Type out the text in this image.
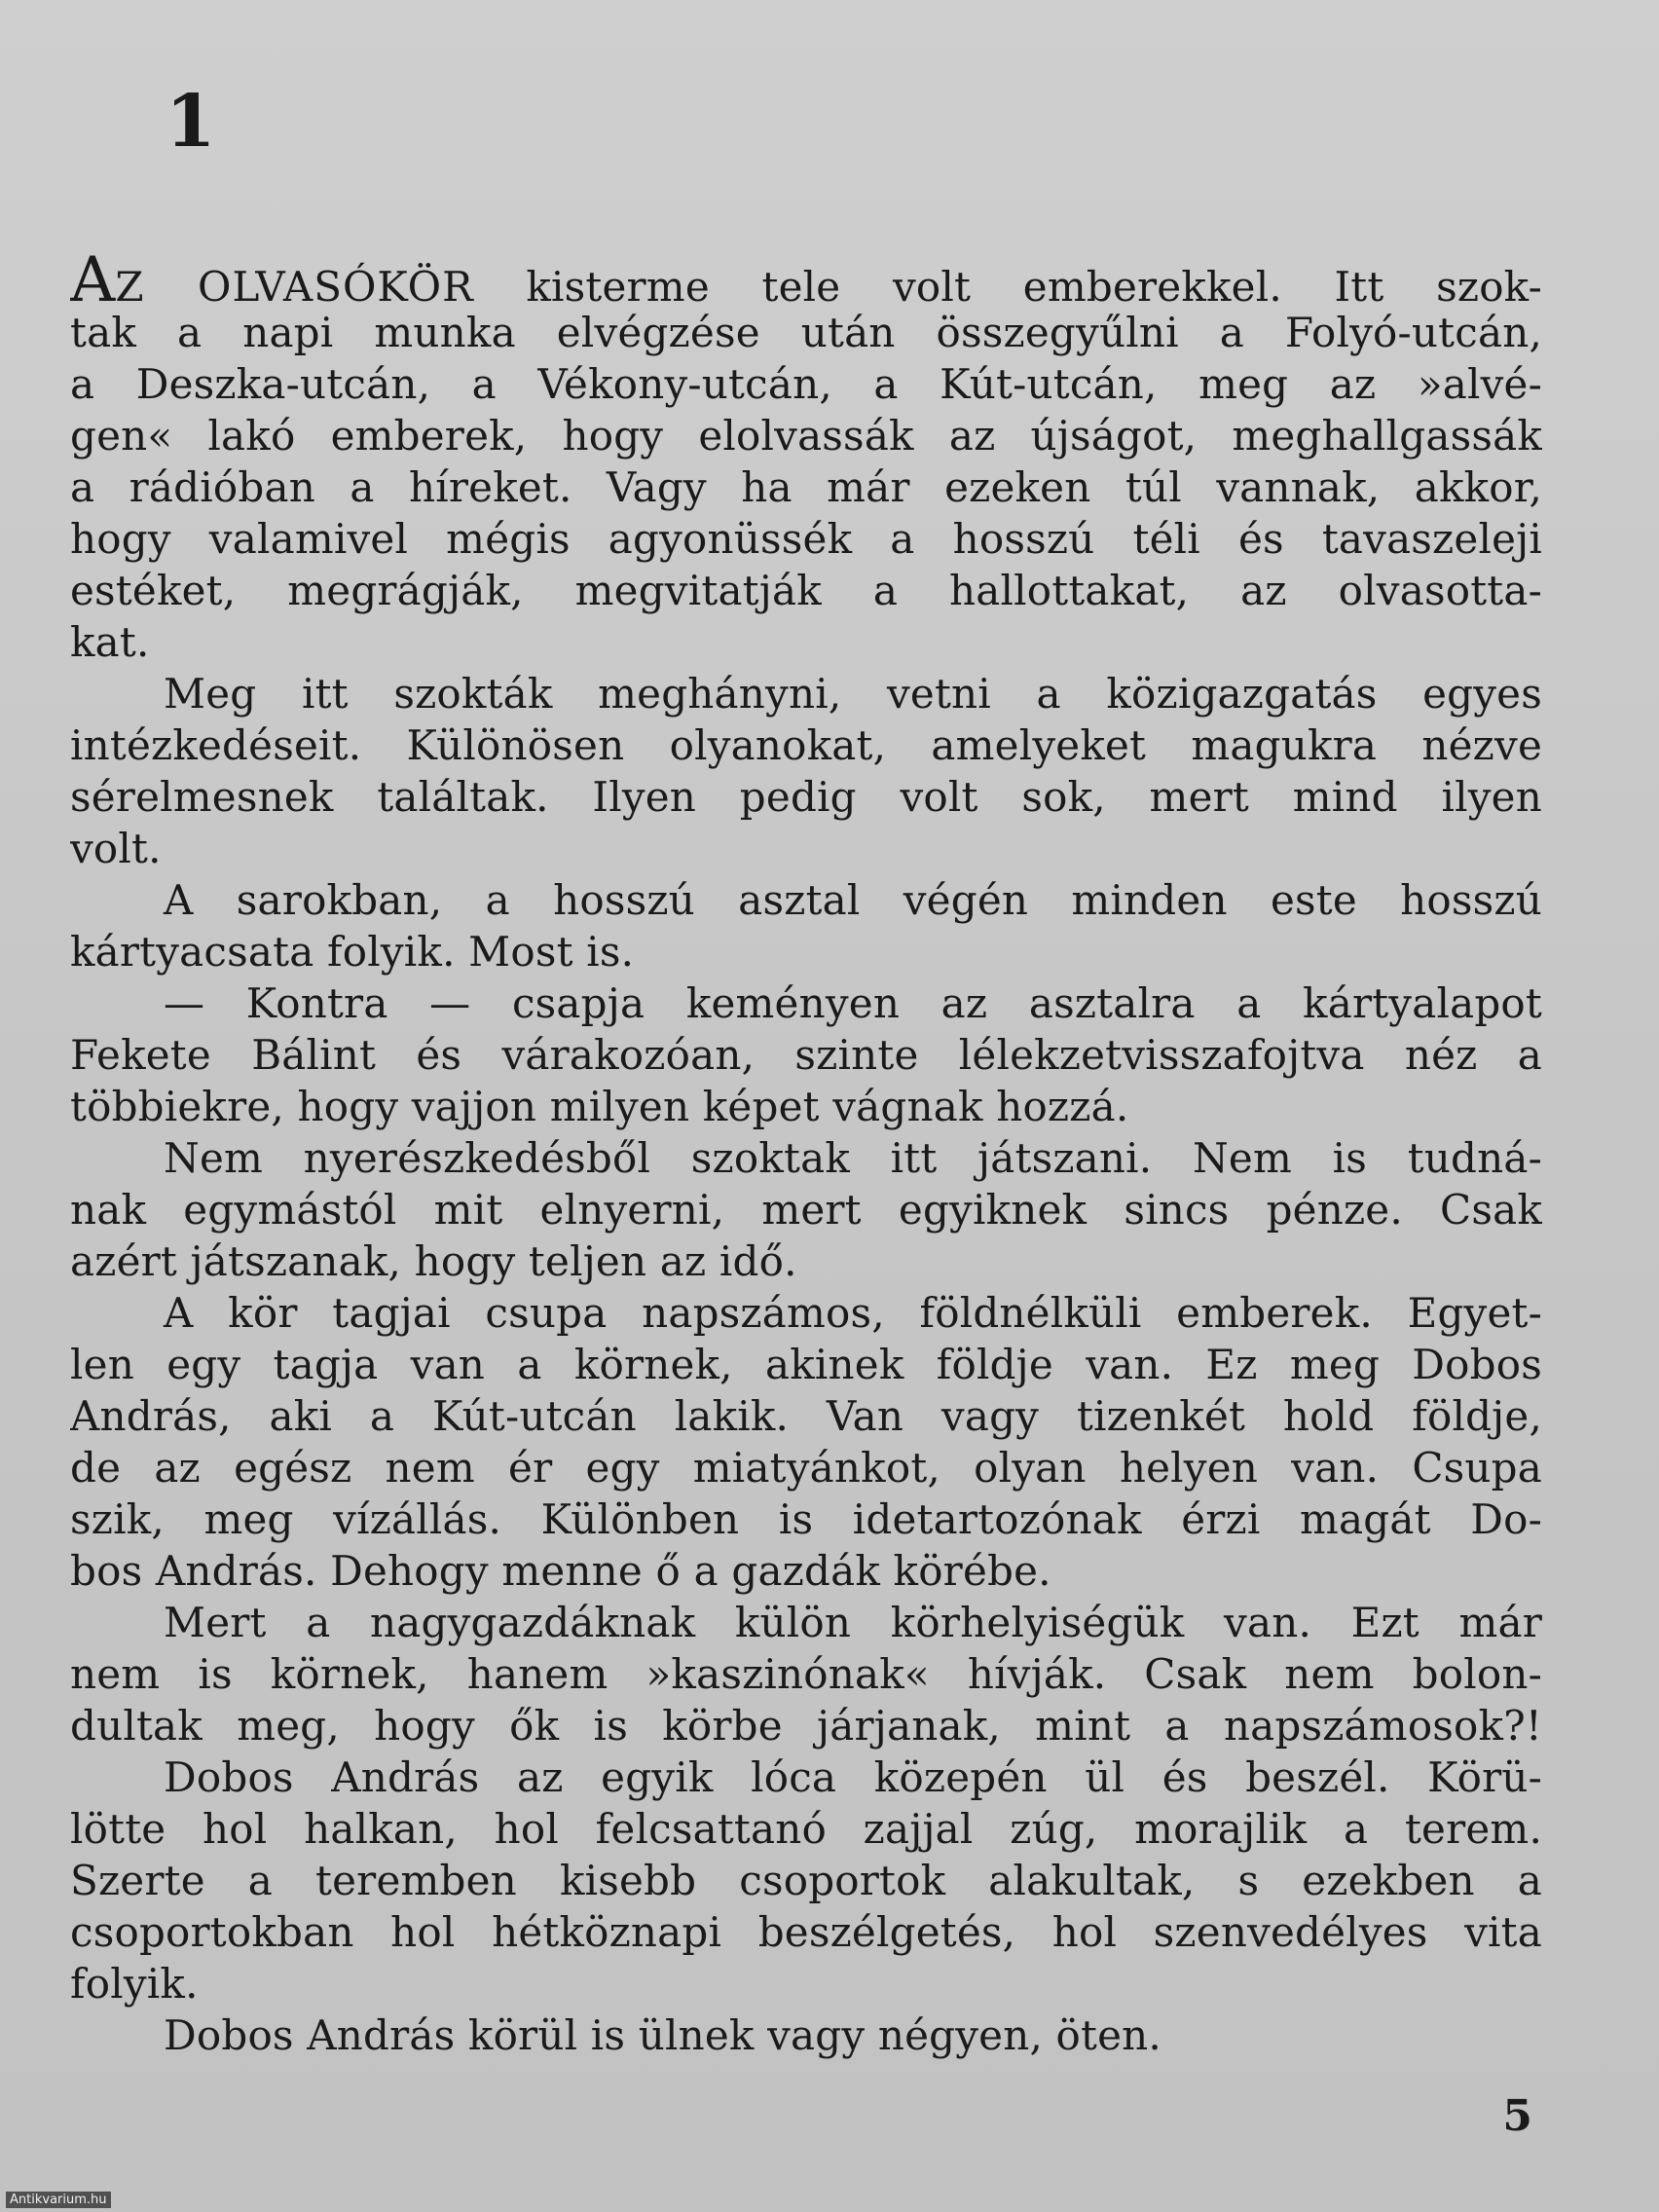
1
AZ OLVASÓKÖR kisterme tele volt emberekkel. Itt szok-
tak a napi munka elvégzése után összegyűlni a Folyó-utcán,
a Deszka-utcán, a Vékony-utcán, a Kút-utcán, meg az »alvé-
gen« lakó emberek, hogy elolvassák az újságot, meghallgassák
a rádióban a híreket. Vagy ha már ezeken túl vannak, akkor,
hogy valamivel mégis agyonüssék a hosszú téli és tavaszeleji
estéket, megrágják, megvitatják a hallottakat, az olvasotta-
kat.
Meg itt szokták meghányni, vetni a közigazgatás egyes
intézkedéseit. Különösen olyanokat, amelyeket magukra nézve
sérelmesnek találtak. Ilyen pedig volt sok, mert mind ilyen
volt.
A sarokban, a hosszú asztal végén minden este hosszú
kártyacsata folyik. Most is.
— Kontra — csapja keményen az asztalra a kártyalapot
Fekete Bálint és várakozóan, szinte lélekzetvisszafojtva néz a
többiekre, hogy vajjon milyen képet vágnak hozzá.
Nem nyerészkedésből szoktak itt játszani. Nem is tudná-
nak egymástól mit elnyerni, mert egyiknek sincs pénze. Csak
azért játszanak, hogy teljen az idő.
A kör tagjai csupa napszámos, földnélküli emberek. Egyet-
len egy tagja van a körnek, akinek földje van. Ez meg Dobos
András, aki a Kút-utcán lakik. Van vagy tizenkét hold földje,
de az egész nem ér egy miatyánkot, olyan helyen van. Csupa
szik, meg vízállás. Különben is idetartozónak érzi magát Do-
bos András. Dehogy menne ő a gazdák körébe.
Mert a nagygazdáknak külön körhelyiségük van. Ezt már
nem is körnek, hanem »kaszinónak« hívják. Csak nem bolon-
dultak meg, hogy ők is körbe járjanak, mint a napszámosok?!
Dobos András az egyik lóca közepén ül és beszél. Körü-
lötte hol halkan, hol felcsattanó zajjal zúg, morajlik a terem.
Szerte a teremben kisebb csoportok alakultak, s ezekben a
csoportokban hol hétköznapi beszélgetés, hol szenvedélyes vita
folyik.
Dobos András körül is ülnek vagy négyen, öten.
5
Antikvarium.hu
